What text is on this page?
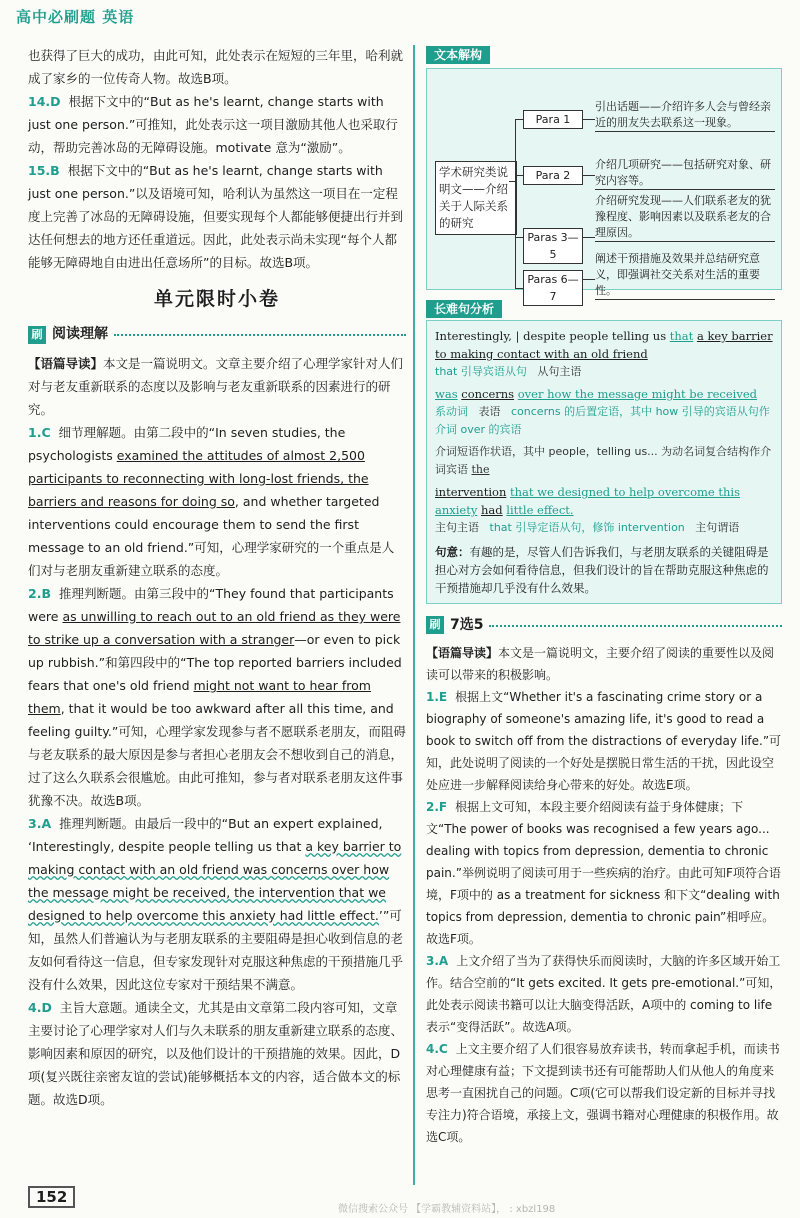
高中必刷题 英语

也获得了巨大的成功，由此可知，此处表示在短短的三年里，哈利就成了家乡的一位传奇人物。故选B项。

14.D 根据下文中的“But as he's learnt, change starts with just one person.”可推知，此处表示这一项目激励其他人也采取行动，帮助完善冰岛的无障碍设施。motivate 意为“激励”。

15.B 根据下文中的“But as he's learnt, change starts with just one person.”以及语境可知，哈利认为虽然这一项目在一定程度上完善了冰岛的无障碍设施，但要实现每个人都能够便捷出行并到达任何想去的地方还任重道远。因此，此处表示尚未实现“每个人都能够无障碍地自由进出任意场所”的目标。故选B项。

单元限时小卷
刷 阅读理解

【语篇导读】本文是一篇说明文。文章主要介绍了心理学家针对人们对与老友重新联系的态度以及影响与老友重新联系的因素进行的研究。

1.C 细节理解题。由第二段中的“In seven studies, the psychologists examined the attitudes of almost 2,500 participants to reconnecting with long-lost friends, the barriers and reasons for doing so, and whether targeted interventions could encourage them to send the first message to an old friend.”可知，心理学家研究的一个重点是人们对与老朋友重新建立联系的态度。

2.B 推理判断题。由第三段中的“They found that participants were as unwilling to reach out to an old friend as they were to strike up a conversation with a stranger—or even to pick up rubbish.”和第四段中的“The top reported barriers included fears that one's old friend might not want to hear from them, that it would be too awkward after all this time, and feeling guilty.”可知，心理学家发现参与者不愿联系老朋友，而阻碍与老友联系的最大原因是参与者担心老朋友会不想收到自己的消息，过了这么久联系会很尴尬。由此可推知，参与者对联系老朋友这件事犹豫不决。故选B项。

3.A 推理判断题。由最后一段中的“But an expert explained, ‘Interestingly, despite people telling us that a key barrier to making contact with an old friend was concerns over how the message might be received, the intervention that we designed to help overcome this anxiety had little effect.’”可知，虽然人们普遍认为与老朋友联系的主要阻碍是担心收到信息的老友如何看待这一信息，但专家发现针对克服这种焦虑的干预措施几乎没有什么效果，因此这位专家对干预结果不满意。

4.D 主旨大意题。通读全文，尤其是由文章第二段内容可知，文章主要讨论了心理学家对人们与久未联系的朋友重新建立联系的态度、影响因素和原因的研究，以及他们设计的干预措施的效果。因此，D项(复兴既往亲密友谊的尝试)能够概括本文的内容，适合做本文的标题。故选D项。

文本解构
学术研究类说明文——介绍关于人际关系的研究
Para 1
引出话题——介绍许多人会与曾经亲近的朋友失去联系这一现象。
Para 2
介绍几项研究——包括研究对象、研究内容等。
Paras 3—5
介绍研究发现——人们联系老友的犹豫程度、影响因素以及联系老友的合理原因。
Paras 6—7
阐述干预措施及效果并总结研究意义，即强调社交关系对生活的重要性。
长难句分析

Interestingly, | despite people telling us that a key barrier to making contact with an old friend

that 引导宾语从句 从句主语

was concerns over how the message might be received

系动词 表语 concerns 的后置定语，其中 how 引导的宾语从句作介词 over 的宾语

介词短语作状语，其中 people，telling us... 为动名词复合结构作介词宾语 the

intervention that we designed to help overcome this anxiety had little effect.

主句主语 that 引导定语从句，修饰 intervention 主句谓语

句意：有趣的是，尽管人们告诉我们，与老朋友联系的关键阻碍是担心对方会如何看待信息，但我们设计的旨在帮助克服这种焦虑的干预措施却几乎没有什么效果。

刷 7选5

【语篇导读】本文是一篇说明文，主要介绍了阅读的重要性以及阅读可以带来的积极影响。

1.E 根据上文“Whether it's a fascinating crime story or a biography of someone's amazing life, it's good to read a book to switch off from the distractions of everyday life.”可知，此处说明了阅读的一个好处是摆脱日常生活的干扰，因此设空处应进一步解释阅读给身心带来的好处。故选E项。

2.F 根据上文可知，本段主要介绍阅读有益于身体健康；下文“The power of books was recognised a few years ago... dealing with topics from depression, dementia to chronic pain.”举例说明了阅读可用于一些疾病的治疗。由此可知F项符合语境，F项中的 as a treatment for sickness 和下文“dealing with topics from depression, dementia to chronic pain”相呼应。故选F项。

3.A 上文介绍了当为了获得快乐而阅读时，大脑的许多区域开始工作。结合空前的“It gets excited. It gets pre-emotional.”可知，此处表示阅读书籍可以让大脑变得活跃，A项中的 coming to life 表示“变得活跃”。故选A项。

4.C 上文主要介绍了人们很容易放弃读书，转而拿起手机，而读书对心理健康有益；下文提到读书还有可能帮助人们从他人的角度来思考一直困扰自己的问题。C项(它可以帮我们设定新的目标并寻找专注力)符合语境，承接上文，强调书籍对心理健康的积极作用。故选C项。

152
微信搜索公众号 【学霸教辅资料站】， : xbzl198
